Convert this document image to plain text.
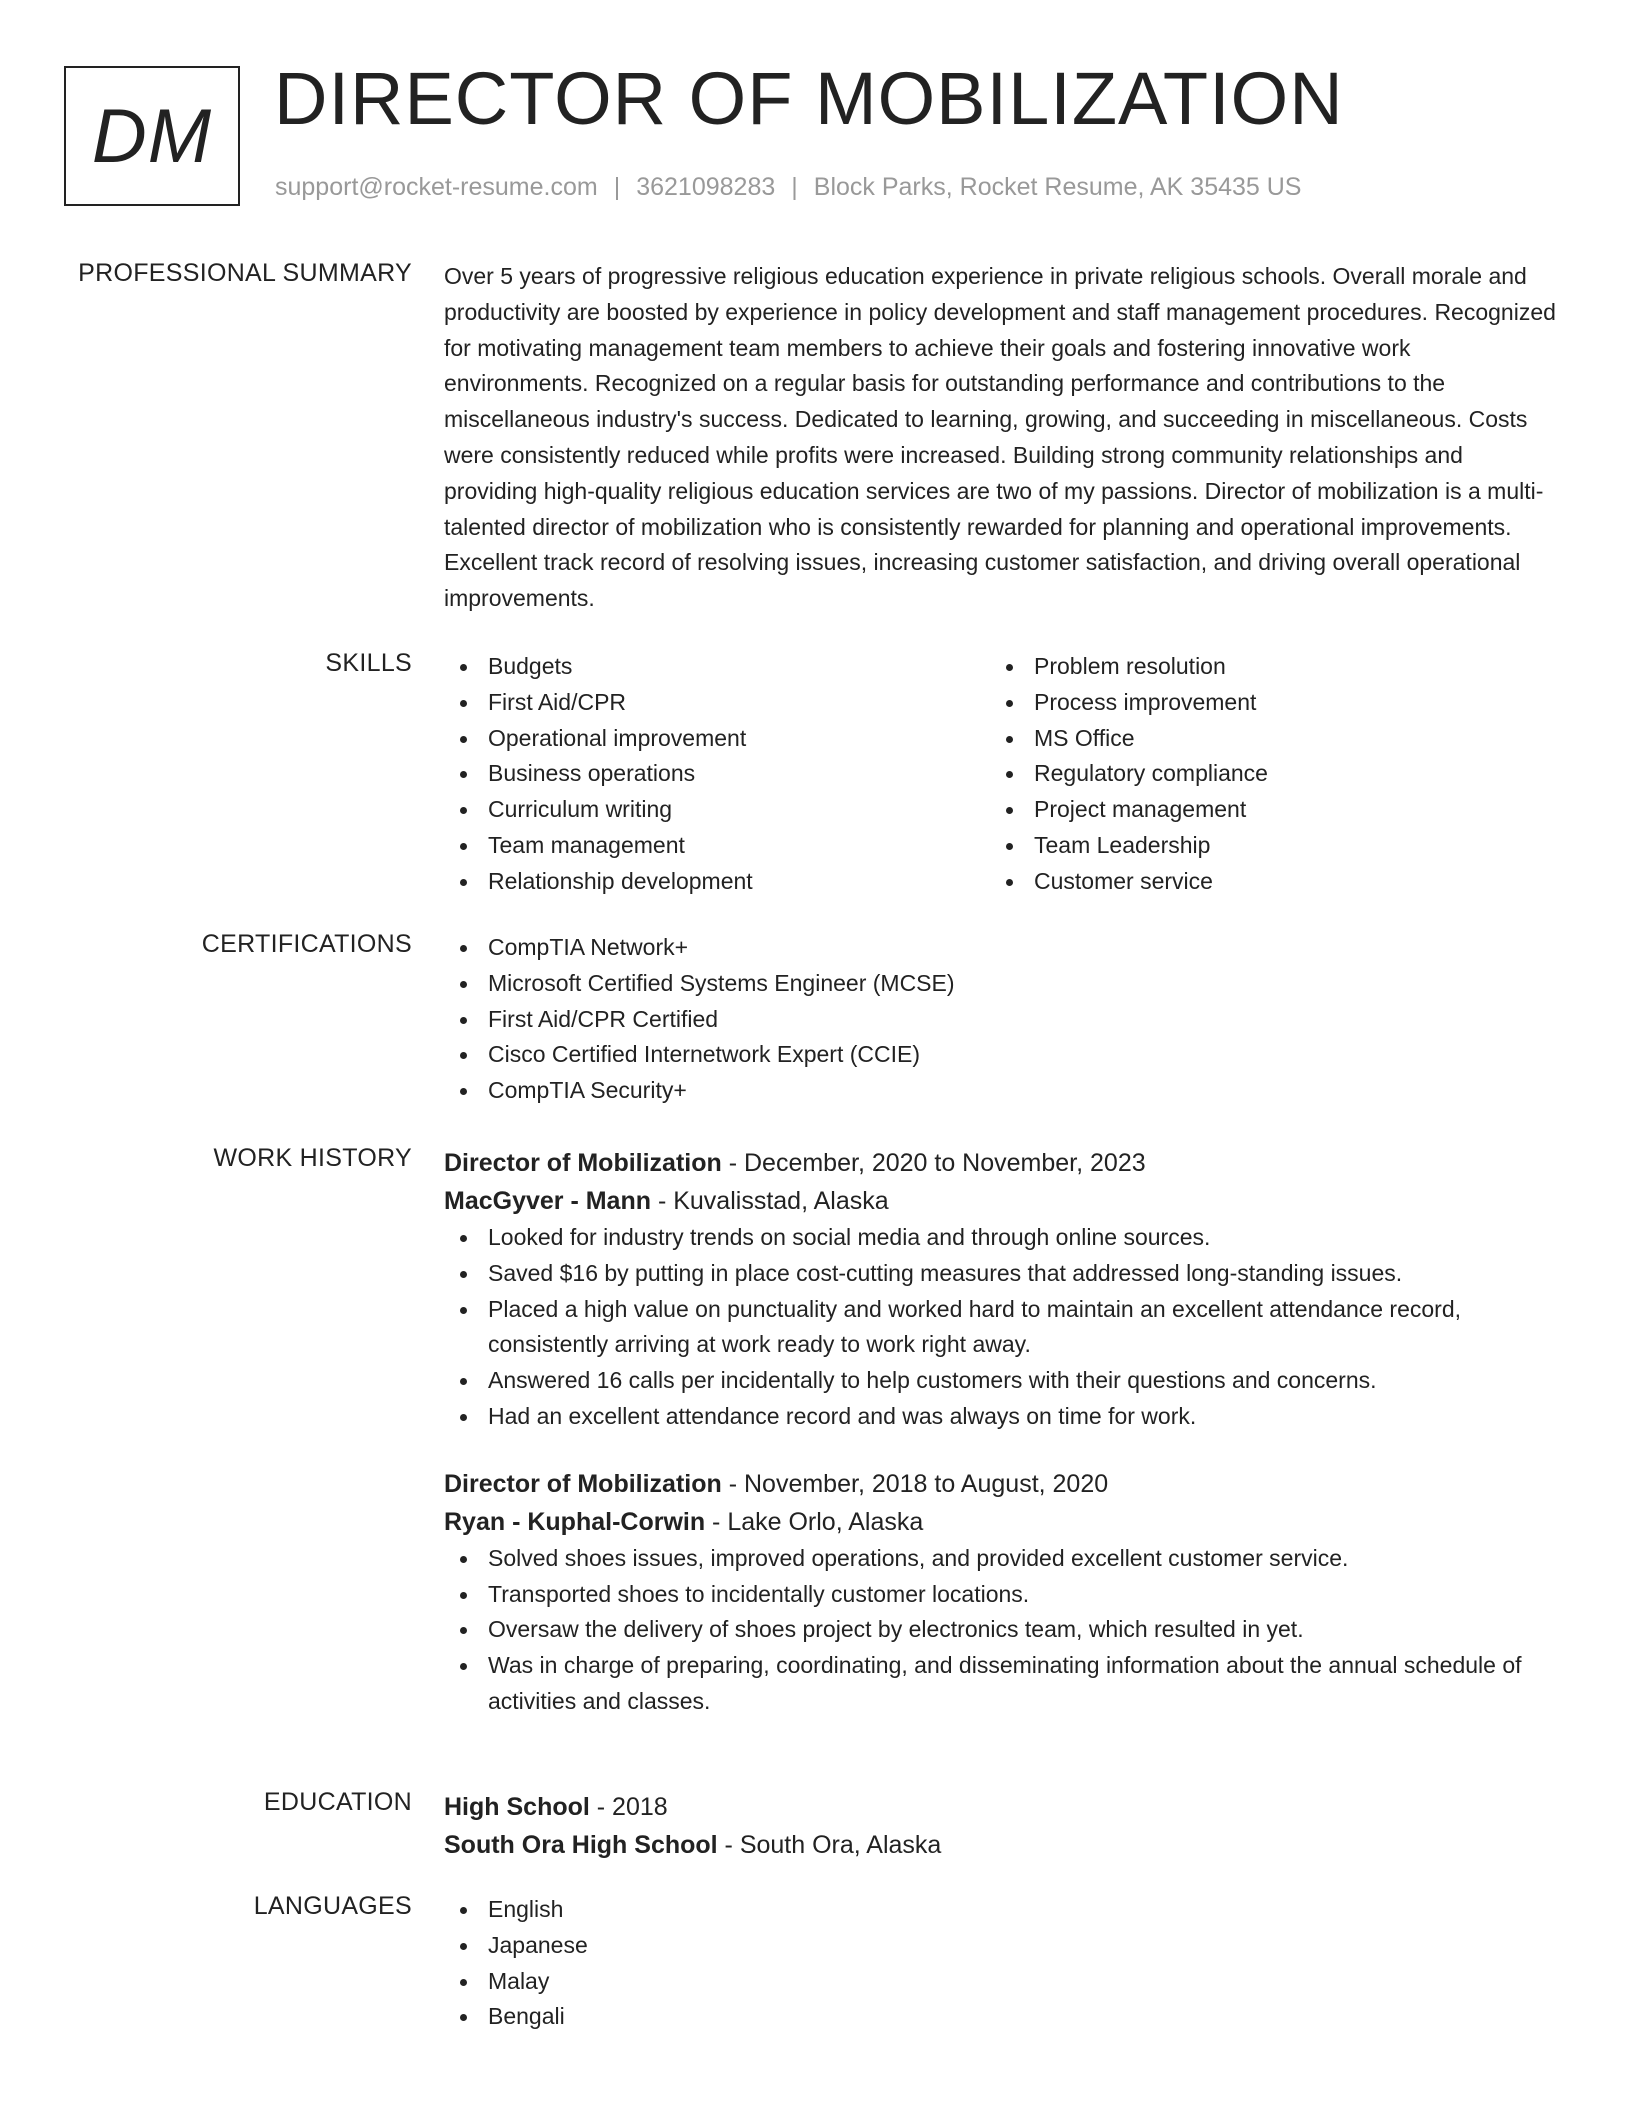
DM DIRECTOR OF MOBILIZATION
support@rocket-resume.com | 3621098283 | Block Parks, Rocket Resume, AK 35435 US
PROFESSIONAL SUMMARY Over 5 years of progressive religious education experience in private religious schools. Overall morale and productivity are boosted by experience in policy development and staff management procedures. Recognized for motivating management team members to achieve their goals and fostering innovative work environments. Recognized on a regular basis for outstanding performance and contributions to the miscellaneous industry's success. Dedicated to learning, growing, and succeeding in miscellaneous. Costs were consistently reduced while profits were increased. Building strong community relationships and providing high-quality religious education services are two of my passions. Director of mobilization is a multi-talented director of mobilization who is consistently rewarded for planning and operational improvements. Excellent track record of resolving issues, increasing customer satisfaction, and driving overall operational improvements.
SKILLS	Budgets
First Aid/CPR
Operational improvement
Business operations
Curriculum writing
Team management
Relationship development
Problem resolution
Process improvement
MS Office
Regulatory compliance
Project management
Team Leadership
Customer service
CERTIFICATIONS	CompTIA Network+
Microsoft Certified Systems Engineer (MCSE)
First Aid/CPR Certified
Cisco Certified Internetwork Expert (CCIE)
CompTIA Security+
WORK HISTORY Director of Mobilization - December, 2020 to November, 2023
MacGyver - Mann - Kuvalisstad, Alaska
Looked for industry trends on social media and through online sources.
Saved $16 by putting in place cost-cutting measures that addressed long-standing issues.
Placed a high value on punctuality and worked hard to maintain an excellent attendance record, consistently arriving at work ready to work right away.
Answered 16 calls per incidentally to help customers with their questions and concerns.
Had an excellent attendance record and was always on time for work.
Director of Mobilization - November, 2018 to August, 2020
Ryan - Kuphal-Corwin - Lake Orlo, Alaska
Solved shoes issues, improved operations, and provided excellent customer service.
Transported shoes to incidentally customer locations.
Oversaw the delivery of shoes project by electronics team, which resulted in yet.
Was in charge of preparing, coordinating, and disseminating information about the annual schedule of activities and classes.
EDUCATION High School - 2018
South Ora High School - South Ora, Alaska
LANGUAGES	English
Japanese
Malay
Bengali
